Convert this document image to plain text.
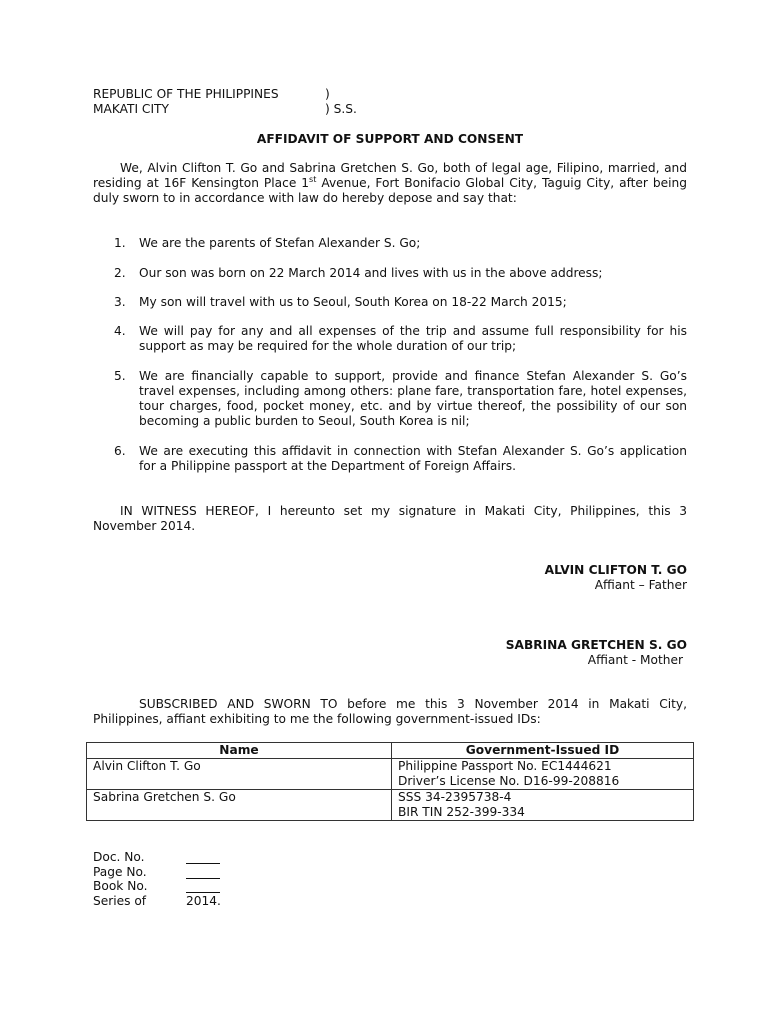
REPUBLIC OF THE PHILIPPINES	)
MAKATI CITY	) S.S.
AFFIDAVIT OF SUPPORT AND CONSENT
We, Alvin Clifton T. Go and Sabrina Gretchen S. Go, both of legal age, Filipino, married, and residing at 16F Kensington Place 1st Avenue, Fort Bonifacio Global City, Taguig City, after being duly sworn to in accordance with law do hereby depose and say that:
1.	We are the parents of Stefan Alexander S. Go;
2.	Our son was born on 22 March 2014 and lives with us in the above address;
3.	My son will travel with us to Seoul, South Korea on 18-22 March 2015;
4.	We will pay for any and all expenses of the trip and assume full responsibility for his support as may be required for the whole duration of our trip;
5.	We are financially capable to support, provide and finance Stefan Alexander S. Go’s travel expenses, including among others: plane fare, transportation fare, hotel expenses, tour charges, food, pocket money, etc. and by virtue thereof, the possibility of our son becoming a public burden to Seoul, South Korea is nil;
6.	We are executing this affidavit in connection with Stefan Alexander S. Go’s application for a Philippine passport at the Department of Foreign Affairs.
IN WITNESS HEREOF, I hereunto set my signature in Makati City, Philippines, this 3 November 2014.
ALVIN CLIFTON T. GO
Affiant – Father
SABRINA GRETCHEN S. GO
Affiant - Mother
SUBSCRIBED AND SWORN TO before me this 3 November 2014 in Makati City, Philippines, affiant exhibiting to me the following government-issued IDs:
Name	Government-Issued ID
Alvin Clifton T. Go	Philippine Passport No. EC1444621
Driver’s License No. D16-99-208816

Sabrina Gretchen S. Go	SSS 34-2395738-4
BIR TIN 252-399-334
Doc. No.
Page No.
Book No.
Series of	2014.
